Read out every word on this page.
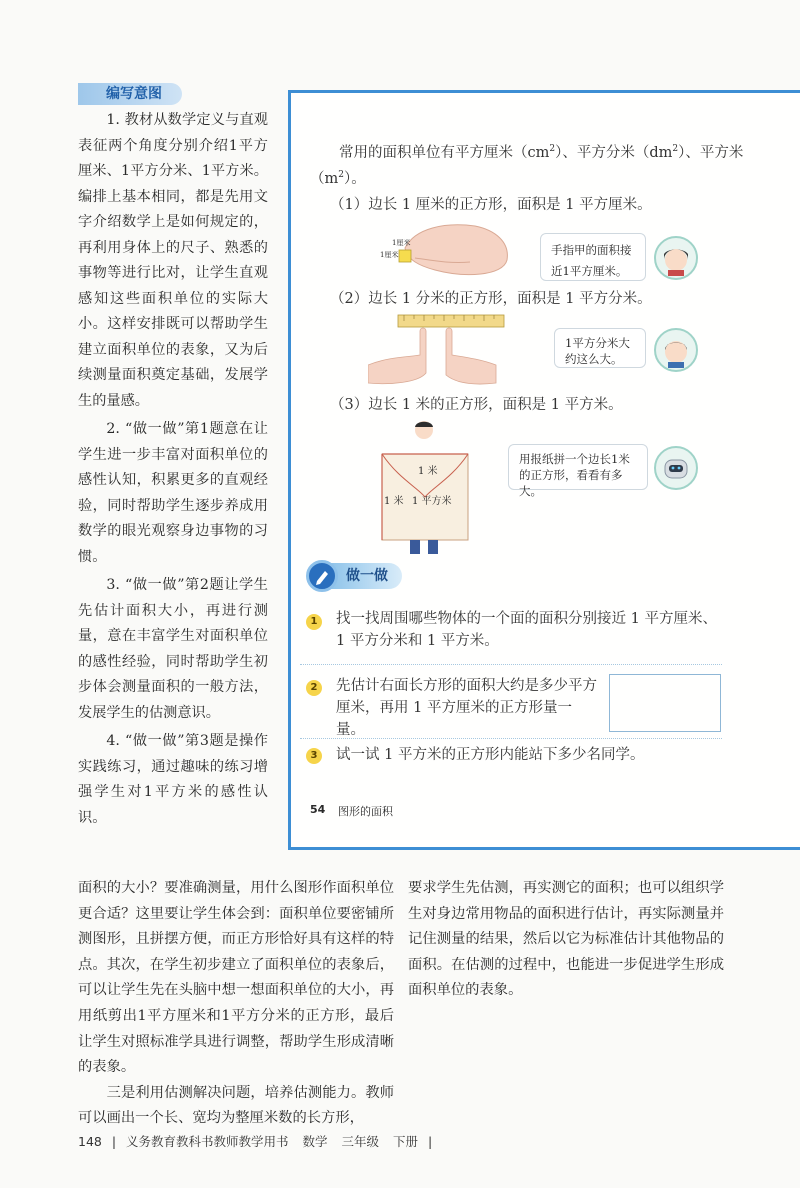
编写意图

1. 教材从数学定义与直观表征两个角度分别介绍1平方厘米、1平方分米、1平方米。编排上基本相同，都是先用文字介绍数学上是如何规定的，再利用身体上的尺子、熟悉的事物等进行比对，让学生直观感知这些面积单位的实际大小。这样安排既可以帮助学生建立面积单位的表象，又为后续测量面积奠定基础，发展学生的量感。

2. “做一做”第1题意在让学生进一步丰富对面积单位的感性认知，积累更多的直观经验，同时帮助学生逐步养成用数学的眼光观察身边事物的习惯。

3. “做一做”第2题让学生先估计面积大小，再进行测量，意在丰富学生对面积单位的感性经验，同时帮助学生初步体会测量面积的一般方法，发展学生的估测意识。

4. “做一做”第3题是操作实践练习，通过趣味的练习增强学生对1平方米的感性认识。

常用的面积单位有平方厘米$(cm^2)$、平方分米$(dm^2)$、平方米$(m^2)$。
（1）边长 1 厘米的正方形，面积是 1 平方厘米。
1厘米
1厘米	手指甲的面积接近1平方厘米。
（2）边长 1 分米的正方形，面积是 1 平方分米。
1平方分米大约这么大。
（3）边长 1 米的正方形，面积是 1 平方米。
1 米
1 米 1 平方米
用报纸拼一个边长1米的正方形，看看有多大。
做一做
1	找一找周围哪些物体的一个面的面积分别接近 1 平方厘米、1 平方分米和 1 平方米。
2	先估计右面长方形的面积大约是多少平方厘米，再用 1 平方厘米的正方形量一量。
3	试一试 1 平方米的正方形内能站下多少名同学。
54 图形的面积

面积的大小？要准确测量，用什么图形作面积单位更合适？这里要让学生体会到：面积单位要密铺所测图形，且拼摆方便，而正方形恰好具有这样的特点。其次，在学生初步建立了面积单位的表象后，可以让学生先在头脑中想一想面积单位的大小，再用纸剪出1平方厘米和1平方分米的正方形，最后让学生对照标准学具进行调整，帮助学生形成清晰的表象。

三是利用估测解决问题，培养估测能力。教师可以画出一个长、宽均为整厘米数的长方形，

要求学生先估测，再实测它的面积；也可以组织学生对身边常用物品的面积进行估计，再实际测量并记住测量的结果，然后以它为标准估计其他物品的面积。在估测的过程中，也能进一步促进学生形成面积单位的表象。

148 | 义务教育教科书教师教学用书 数学 三年级 下册 |
